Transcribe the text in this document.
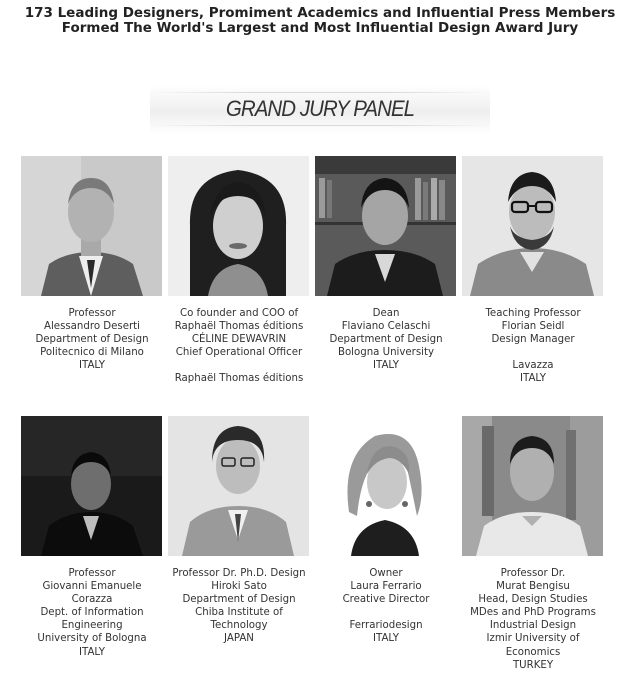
173 Leading Designers, Promiment Academics and Influential Press Members
Formed The World's Largest and Most Influential Design Award Jury
GRAND JURY PANEL
Professor
Alessandro Deserti
Department of Design
Politecnico di Milano
ITALY
Co founder and COO of
Raphaël Thomas éditions
CÉLINE DEWAVRIN
Chief Operational Officer
Raphaël Thomas éditions
Dean
Flaviano Celaschi
Department of Design
Bologna University
ITALY
Teaching Professor
Florian Seidl
Design Manager
Lavazza
ITALY
Professor
Giovanni Emanuele
Corazza
Dept. of Information
Engineering
University of Bologna
ITALY
Professor Dr. Ph.D. Design
Hiroki Sato
Department of Design
Chiba Institute of
Technology
JAPAN
Owner
Laura Ferrario
Creative Director
Ferrariodesign
ITALY
Professor Dr.
Murat Bengisu
Head, Design Studies
MDes and PhD Programs
Industrial Design
Izmir University of
Economics
TURKEY
